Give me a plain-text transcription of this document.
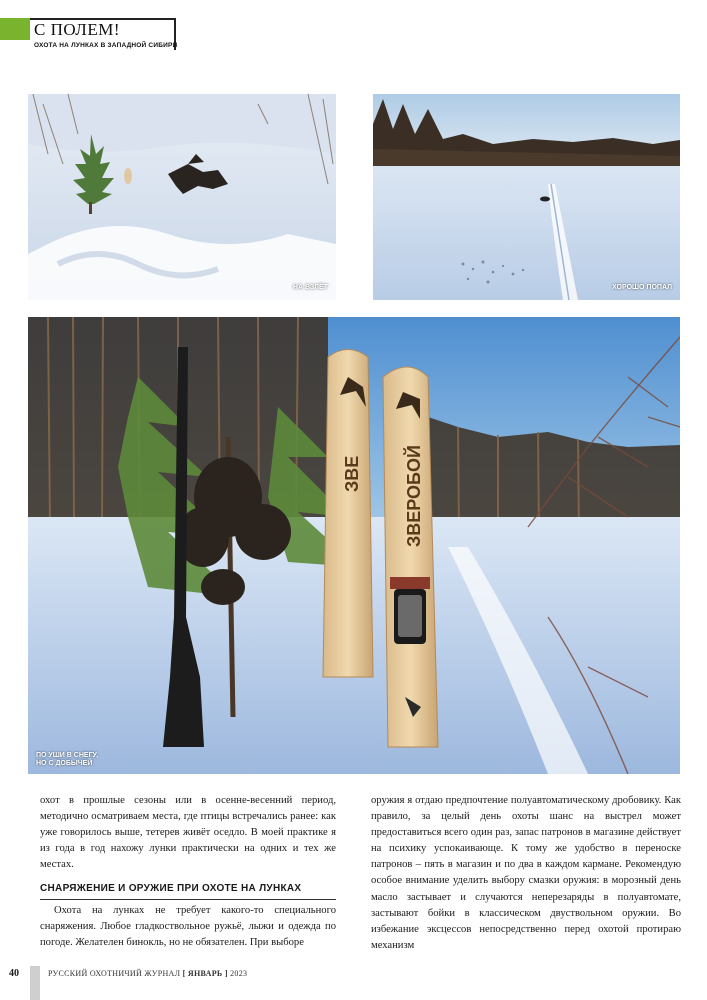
С ПОЛЕМ!
ОХОТА НА ЛУНКАХ В ЗАПАДНОЙ СИБИРИ
НА ВЗЛЁТ	ХОРОШО ПОПАЛ
ЗВЕ ЗВЕРОБОЙ
ПО УШИ В СНЕГУ,
НО С ДОБЫЧЕЙ

охот в прошлые сезоны или в осенне-весенний период, методично осматриваем места, где птицы встречались ранее: как уже говорилось выше, тетерев живёт оседло. В моей практике я из года в год нахожу лунки практически на одних и тех же местах.

СНАРЯЖЕНИЕ И ОРУЖИЕ ПРИ ОХОТЕ НА ЛУНКАХ

Охота на лунках не требует какого-то специального снаряжения. Любое гладкоствольное ружьё, лыжи и одежда по погоде. Желателен бинокль, но не обязателен. При выборе

оружия я отдаю предпочтение полуавтоматическому дробовику. Как правило, за целый день охоты шанс на выстрел может предоставиться всего один раз, запас патронов в магазине действует на психику успокаивающе. К тому же удобство в переноске патронов – пять в магазин и по два в каждом кармане. Рекомендую особое внимание уделить выбору смазки оружия: в морозный день масло застывает и случаются неперезаряды в полуавтомате, застывают бойки в классическом двуствольном оружии. Во избежание эксцессов непосредственно перед охотой протираю механизм

40	РУССКИЙ ОХОТНИЧИЙ ЖУРНАЛ [ ЯНВАРЬ ] 2023
